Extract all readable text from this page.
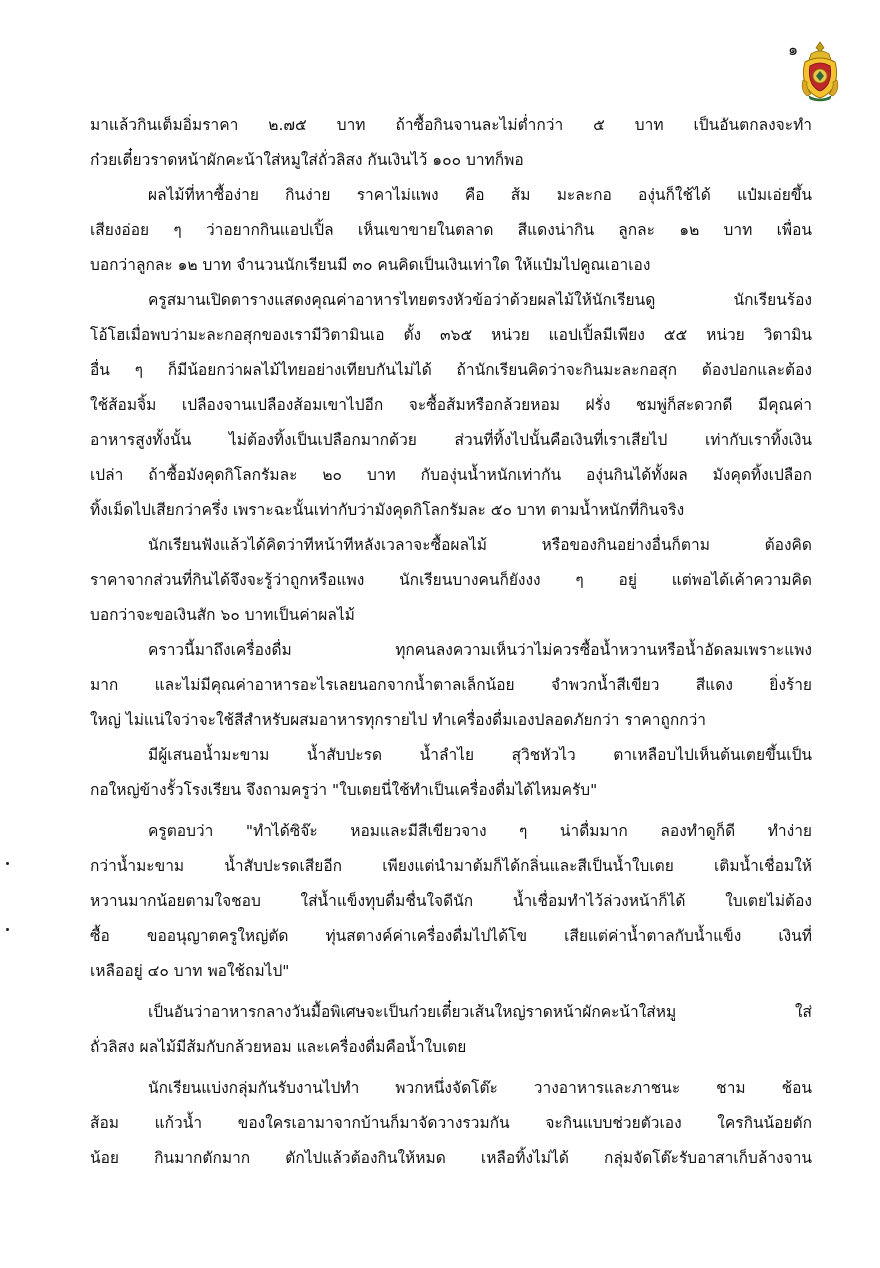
๑
มาแล้วกินเต็มอิ่มราคา ๒.๗๕ บาท ถ้าซื้อกินจานละไม่ต่ำกว่า ๕ บาท เป็นอันตกลงจะทำ
ก๋วยเตี๋ยวราดหน้าผักคะน้าใส่หมูใส่ถั่วลิสง กันเงินไว้ ๑๐๐ บาทก็พอ
ผลไม้ที่หาซื้อง่าย กินง่าย ราคาไม่แพง คือ ส้ม มะละกอ องุ่นก็ใช้ได้ แป๋มเอ่ยขึ้น
เสียงอ่อย ๆ ว่าอยากกินแอปเปิ้ล เห็นเขาขายในตลาด สีแดงน่ากิน ลูกละ ๑๒ บาท เพื่อน
บอกว่าลูกละ ๑๒ บาท จำนวนนักเรียนมี ๓๐ คนคิดเป็นเงินเท่าใด ให้แป๋มไปคูณเอาเอง
ครูสมานเปิดตารางแสดงคุณค่าอาหารไทยตรงหัวข้อว่าด้วยผลไม้ให้นักเรียนดู นักเรียนร้อง
โอ้โฮเมื่อพบว่ามะละกอสุกของเรามีวิตามินเอ ตั้ง ๓๖๕ หน่วย แอปเปิ้ลมีเพียง ๕๕ หน่วย วิตามิน
อื่น ๆ ก็มีน้อยกว่าผลไม้ไทยอย่างเทียบกันไม่ได้ ถ้านักเรียนคิดว่าจะกินมะละกอสุก ต้องปอกและต้อง
ใช้ส้อมจิ้ม เปลืองจานเปลืองส้อมเขาไปอีก จะซื้อส้มหรือกล้วยหอม ฝรั่ง ชมพู่ก็สะดวกดี มีคุณค่า
อาหารสูงทั้งนั้น ไม่ต้องทิ้งเป็นเปลือกมากด้วย ส่วนที่ทิ้งไปนั้นคือเงินที่เราเสียไป เท่ากับเราทิ้งเงิน
เปล่า ถ้าซื้อมังคุดกิโลกรัมละ ๒๐ บาท กับองุ่นน้ำหนักเท่ากัน องุ่นกินได้ทั้งผล มังคุดทิ้งเปลือก
ทิ้งเม็ดไปเสียกว่าครึ่ง เพราะฉะนั้นเท่ากับว่ามังคุดกิโลกรัมละ ๕๐ บาท ตามน้ำหนักที่กินจริง
นักเรียนฟังแล้วได้คิดว่าทีหน้าทีหลังเวลาจะซื้อผลไม้ หรือของกินอย่างอื่นก็ตาม ต้องคิด
ราคาจากส่วนที่กินได้จึงจะรู้ว่าถูกหรือแพง นักเรียนบางคนก็ยังงง ๆ อยู่ แต่พอได้เค้าความคิด
บอกว่าจะขอเงินสัก ๖๐ บาทเป็นค่าผลไม้
คราวนี้มาถึงเครื่องดื่ม ทุกคนลงความเห็นว่าไม่ควรซื้อน้ำหวานหรือน้ำอัดลมเพราะแพง
มาก และไม่มีคุณค่าอาหารอะไรเลยนอกจากน้ำตาลเล็กน้อย จำพวกน้ำสีเขียว สีแดง ยิ่งร้าย
ใหญ่ ไม่แน่ใจว่าจะใช้สีสำหรับผสมอาหารทุกรายไป ทำเครื่องดื่มเองปลอดภัยกว่า ราคาถูกกว่า
มีผู้เสนอน้ำมะขาม น้ำสับปะรด น้ำลำไย สุวิชหัวไว ตาเหลือบไปเห็นต้นเตยขึ้นเป็น
กอใหญ่ข้างรั้วโรงเรียน จึงถามครูว่า "ใบเตยนี่ใช้ทำเป็นเครื่องดื่มได้ไหมครับ"
ครูตอบว่า "ทำได้ซิจ๊ะ หอมและมีสีเขียวจาง ๆ น่าดื่มมาก ลองทำดูก็ดี ทำง่าย
กว่าน้ำมะขาม น้ำสับปะรดเสียอีก เพียงแต่นำมาต้มก็ได้กลิ่นและสีเป็นน้ำใบเตย เติมน้ำเชื่อมให้
หวานมากน้อยตามใจชอบ ใส่น้ำแข็งทุบดื่มชื่นใจดีนัก น้ำเชื่อมทำไว้ล่วงหน้าก็ได้ ใบเตยไม่ต้อง
ซื้อ ขออนุญาตครูใหญ่ตัด ทุ่นสตางค์ค่าเครื่องดื่มไปได้โข เสียแต่ค่าน้ำตาลกับน้ำแข็ง เงินที่
เหลืออยู่ ๔๐ บาท พอใช้ถมไป"
เป็นอันว่าอาหารกลางวันมื้อพิเศษจะเป็นก๋วยเตี๋ยวเส้นใหญ่ราดหน้าผักคะน้าใส่หมู ใส่
ถั่วลิสง ผลไม้มีส้มกับกล้วยหอม และเครื่องดื่มคือน้ำใบเตย
นักเรียนแบ่งกลุ่มกันรับงานไปทำ พวกหนึ่งจัดโต๊ะ วางอาหารและภาชนะ ชาม ช้อน
ส้อม แก้วน้ำ ของใครเอามาจากบ้านก็มาจัดวางรวมกัน จะกินแบบช่วยตัวเอง ใครกินน้อยตัก
น้อย กินมากตักมาก ตักไปแล้วต้องกินให้หมด เหลือทิ้งไม่ได้ กลุ่มจัดโต๊ะรับอาสาเก็บล้างจาน
